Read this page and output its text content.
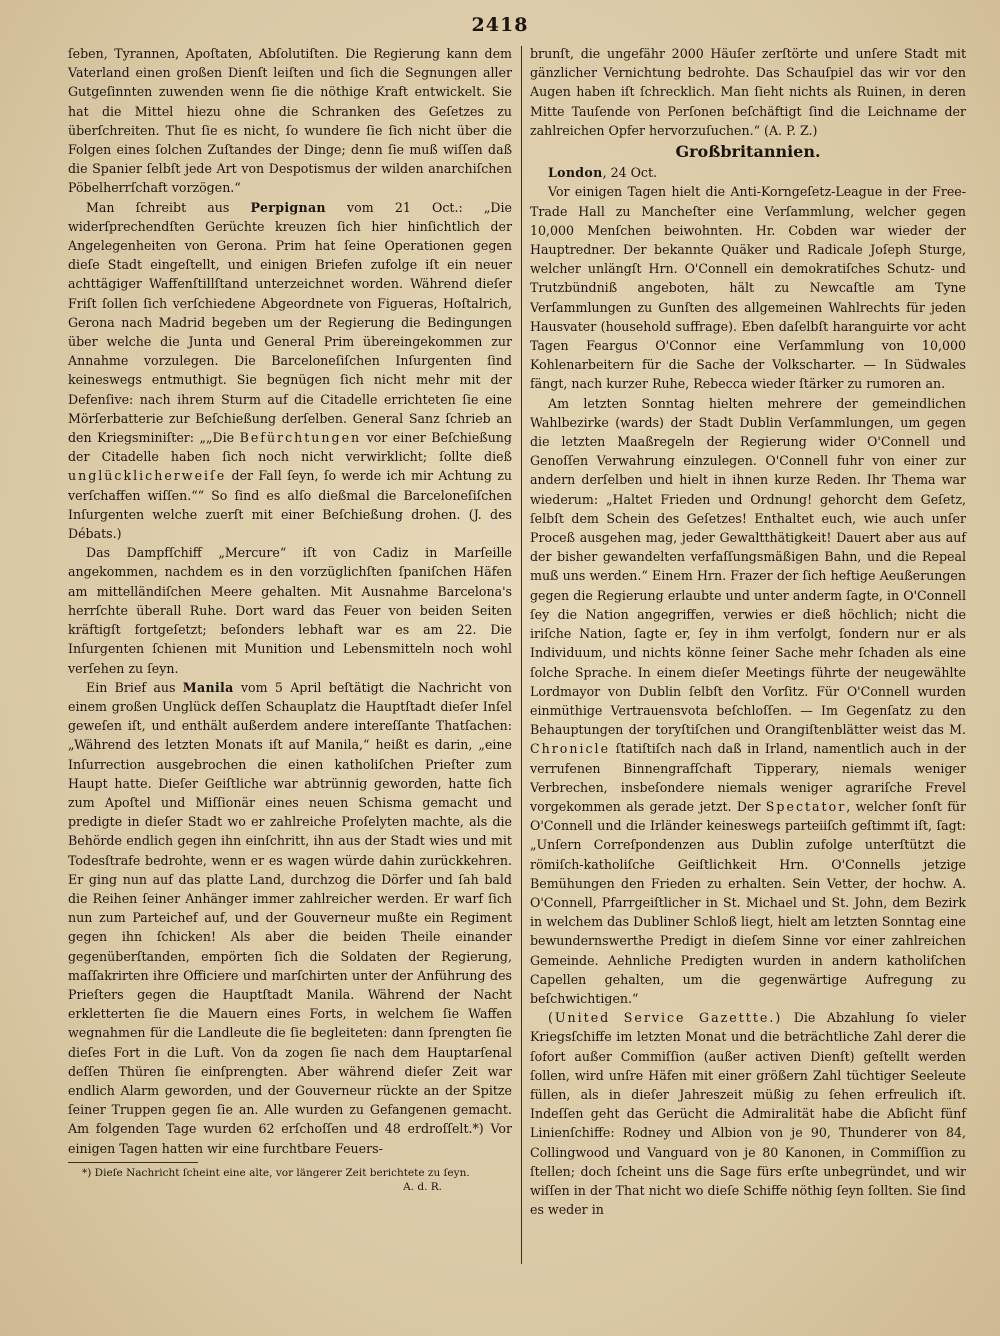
2418

ſeben, Tyrannen, Apoſtaten, Abſolutiſten. Die Regierung kann dem Vaterland einen großen Dienſt leiſten und ſich die Segnungen aller Gutgeſinnten zuwenden wenn ſie die nöthige Kraft entwickelt. Sie hat die Mittel hiezu ohne die Schranken des Geſetzes zu überſchreiten. Thut ſie es nicht, ſo wundere ſie ſich nicht über die Folgen eines ſolchen Zuſtandes der Dinge; denn ſie muß wiſſen daß die Spanier ſelbſt jede Art von Despotismus der wilden anarchiſchen Pöbelherrſchaft vorzögen.“

Man ſchreibt aus Perpignan vom 21 Oct.: „Die widerſprechendſten Gerüchte kreuzen ſich hier hinſichtlich der Angelegenheiten von Gerona. Prim hat ſeine Operationen gegen dieſe Stadt eingeſtellt, und einigen Briefen zufolge iſt ein neuer achttägiger Waffenſtillſtand unterzeichnet worden. Während dieſer Friſt ſollen ſich verſchiedene Abgeordnete von Figueras, Hoſtalrich, Gerona nach Madrid begeben um der Regierung die Bedingungen über welche die Junta und General Prim übereingekommen zur Annahme vorzulegen. Die Barceloneſiſchen Inſurgenten ſind keineswegs entmuthigt. Sie begnügen ſich nicht mehr mit der Defenſive: nach ihrem Sturm auf die Citadelle errichteten ſie eine Mörſerbatterie zur Beſchießung derſelben. General Sanz ſchrieb an den Kriegsminiſter: „„Die Befürchtungen vor einer Beſchießung der Citadelle haben ſich noch nicht verwirklicht; ſollte dieß unglücklicherweiſe der Fall ſeyn, ſo werde ich mir Achtung zu verſchaffen wiſſen.““ So ſind es alſo dießmal die Barceloneſiſchen Inſurgenten welche zuerſt mit einer Beſchießung drohen. (J. des Débats.)

Das Dampfſchiff „Mercure“ iſt von Cadiz in Marſeille angekommen, nachdem es in den vorzüglichſten ſpaniſchen Häfen am mittelländiſchen Meere gehalten. Mit Ausnahme Barcelona's herrſchte überall Ruhe. Dort ward das Feuer von beiden Seiten kräftigſt fortgeſetzt; beſonders lebhaft war es am 22. Die Inſurgenten ſchienen mit Munition und Lebensmitteln noch wohl verſehen zu ſeyn.

Ein Brief aus Manila vom 5 April beſtätigt die Nachricht von einem großen Unglück deſſen Schauplatz die Hauptſtadt dieſer Inſel geweſen iſt, und enthält außerdem andere intereſſante Thatſachen: „Während des letzten Monats iſt auf Manila,“ heißt es darin, „eine Inſurrection ausgebrochen die einen katholiſchen Prieſter zum Haupt hatte. Dieſer Geiſtliche war abtrünnig geworden, hatte ſich zum Apoſtel und Miſſionär eines neuen Schisma gemacht und predigte in dieſer Stadt wo er zahlreiche Proſelyten machte, als die Behörde endlich gegen ihn einſchritt, ihn aus der Stadt wies und mit Todesſtrafe bedrohte, wenn er es wagen würde dahin zurückkehren. Er ging nun auf das platte Land, durchzog die Dörfer und ſah bald die Reihen ſeiner Anhänger immer zahlreicher werden. Er warf ſich nun zum Parteichef auf, und der Gouverneur mußte ein Regiment gegen ihn ſchicken! Als aber die beiden Theile einander gegenüberſtanden, empörten ſich die Soldaten der Regierung, maſſakrirten ihre Officiere und marſchirten unter der Anführung des Prieſters gegen die Hauptſtadt Manila. Während der Nacht erkletterten ſie die Mauern eines Forts, in welchem ſie Waffen wegnahmen für die Landleute die ſie begleiteten: dann ſprengten ſie dieſes Fort in die Luft. Von da zogen ſie nach dem Hauptarſenal deſſen Thüren ſie einſprengten. Aber während dieſer Zeit war endlich Alarm geworden, und der Gouverneur rückte an der Spitze ſeiner Truppen gegen ſie an. Alle wurden zu Gefangenen gemacht. Am folgenden Tage wurden 62 erſchoſſen und 48 erdroſſelt.*) Vor einigen Tagen hatten wir eine furchtbare Feuers-

*) Dieſe Nachricht ſcheint eine alte, vor längerer Zeit berichtete zu ſeyn.
A. d. R.

brunſt, die ungefähr 2000 Häuſer zerſtörte und unſere Stadt mit gänzlicher Vernichtung bedrohte. Das Schauſpiel das wir vor den Augen haben iſt ſchrecklich. Man ſieht nichts als Ruinen, in deren Mitte Tauſende von Perſonen beſchäftigt ſind die Leichname der zahlreichen Opfer hervorzuſuchen.“ (A. P. Z.)

Großbritannien.

London, 24 Oct.

Vor einigen Tagen hielt die Anti-Korngeſetz-League in der Free-Trade Hall zu Mancheſter eine Verſammlung, welcher gegen 10,000 Menſchen beiwohnten. Hr. Cobden war wieder der Hauptredner. Der bekannte Quäker und Radicale Joſeph Sturge, welcher unlängſt Hrn. O'Connell ein demokratiſches Schutz- und Trutzbündniß angeboten, hält zu Newcaſtle am Tyne Verſammlungen zu Gunſten des allgemeinen Wahlrechts für jeden Hausvater (household suffrage). Eben daſelbſt haranguirte vor acht Tagen Feargus O'Connor eine Verſammlung von 10,000 Kohlenarbeitern für die Sache der Volkscharter. — In Südwales fängt, nach kurzer Ruhe, Rebecca wieder ſtärker zu rumoren an.

Am letzten Sonntag hielten mehrere der gemeindlichen Wahlbezirke (wards) der Stadt Dublin Verſammlungen, um gegen die letzten Maaßregeln der Regierung wider O'Connell und Genoſſen Verwahrung einzulegen. O'Connell fuhr von einer zur andern derſelben und hielt in ihnen kurze Reden. Ihr Thema war wiederum: „Haltet Frieden und Ordnung! gehorcht dem Geſetz, ſelbſt dem Schein des Geſetzes! Enthaltet euch, wie auch unſer Proceß ausgehen mag, jeder Gewaltthätigkeit! Dauert aber aus auf der bisher gewandelten verfaſſungsmäßigen Bahn, und die Repeal muß uns werden.“ Einem Hrn. Frazer der ſich heftige Aeußerungen gegen die Regierung erlaubte und unter anderm ſagte, in O'Connell ſey die Nation angegriffen, verwies er dieß höchlich; nicht die iriſche Nation, ſagte er, ſey in ihm verfolgt, ſondern nur er als Individuum, und nichts könne ſeiner Sache mehr ſchaden als eine ſolche Sprache. In einem dieſer Meetings führte der neugewählte Lordmayor von Dublin ſelbſt den Vorſitz. Für O'Connell wurden einmüthige Vertrauensvota beſchloſſen. — Im Gegenſatz zu den Behauptungen der toryſtiſchen und Orangiſtenblätter weist das M. Chronicle ſtatiſtiſch nach daß in Irland, namentlich auch in der verrufenen Binnengrafſchaft Tipperary, niemals weniger Verbrechen, insbeſondere niemals weniger agrariſche Frevel vorgekommen als gerade jetzt. Der Spectator, welcher ſonſt für O'Connell und die Irländer keineswegs parteiiſch geſtimmt iſt, ſagt: „Unſern Correſpondenzen aus Dublin zufolge unterſtützt die römiſch-katholiſche Geiſtlichkeit Hrn. O'Connells jetzige Bemühungen den Frieden zu erhalten. Sein Vetter, der hochw. A. O'Connell, Pfarrgeiſtlicher in St. Michael und St. John, dem Bezirk in welchem das Dubliner Schloß liegt, hielt am letzten Sonntag eine bewundernswerthe Predigt in dieſem Sinne vor einer zahlreichen Gemeinde. Aehnliche Predigten wurden in andern katholiſchen Capellen gehalten, um die gegenwärtige Aufregung zu beſchwichtigen.“

(United Service Gazettte.) Die Abzahlung ſo vieler Kriegsſchiffe im letzten Monat und die beträchtliche Zahl derer die ſofort außer Commiſſion (außer activen Dienſt) geſtellt werden ſollen, wird unſre Häfen mit einer größern Zahl tüchtiger Seeleute füllen, als in dieſer Jahreszeit müßig zu ſehen erfreulich iſt. Indeſſen geht das Gerücht die Admiralität habe die Abſicht fünf Linienſchiffe: Rodney und Albion von je 90, Thunderer von 84, Collingwood und Vanguard von je 80 Kanonen, in Commiſſion zu ſtellen; doch ſcheint uns die Sage fürs erſte unbegründet, und wir wiſſen in der That nicht wo dieſe Schiffe nöthig ſeyn ſollten. Sie ſind es weder in
